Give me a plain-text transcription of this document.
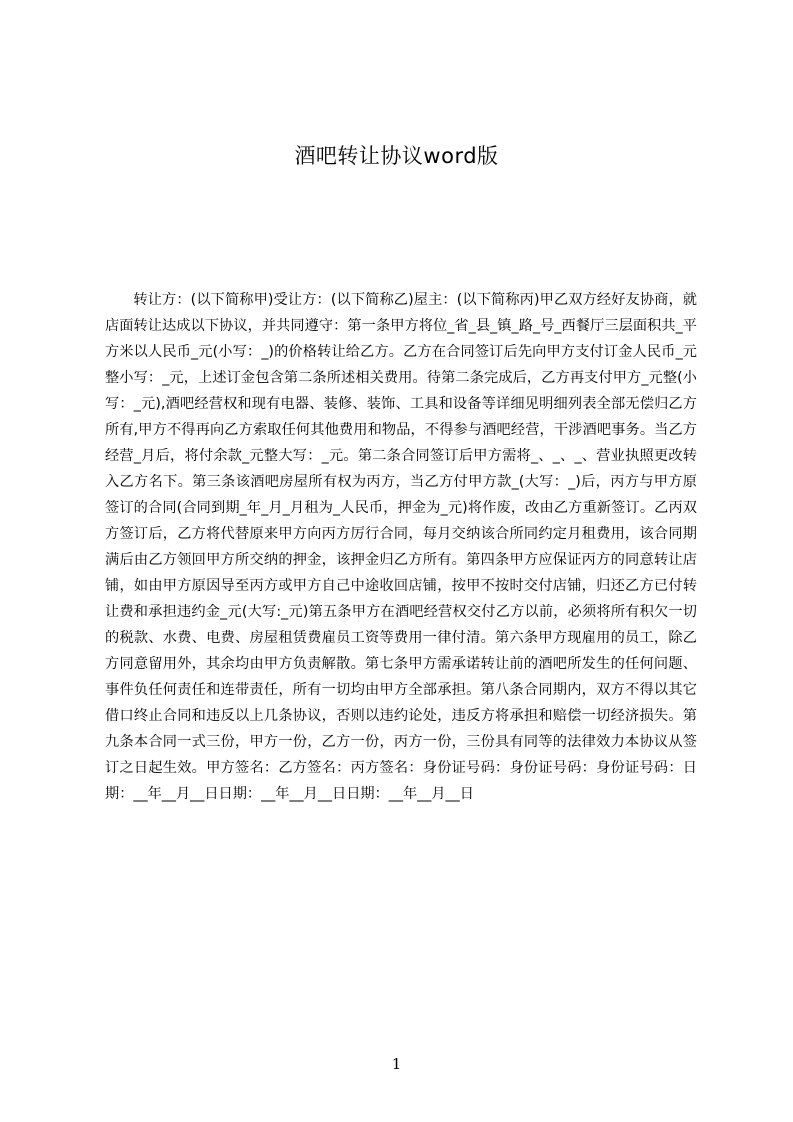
酒吧转让协议word版

转让方：(以下简称甲)受让方：(以下简称乙)屋主：(以下简称丙)甲乙双方经好友协商，就店面转让达成以下协议，并共同遵守：第一条甲方将位_省_县_镇_路_号_西餐厅三层面积共_平方米以人民币_元(小写：_)的价格转让给乙方。乙方在合同签订后先向甲方支付订金人民币_元整小写：_元，上述订金包含第二条所述相关费用。待第二条完成后，乙方再支付甲方_元整(小写：_元),酒吧经营权和现有电器、装修、装饰、工具和设备等详细见明细列表全部无偿归乙方所有,甲方不得再向乙方索取任何其他费用和物品，不得参与酒吧经营，干涉酒吧事务。当乙方经营_月后，将付余款_元整大写：_元。第二条合同签订后甲方需将_、_、_、营业执照更改转入乙方名下。第三条该酒吧房屋所有权为丙方，当乙方付甲方款_(大写：_)后，丙方与甲方原签订的合同(合同到期_年_月_月租为_人民币，押金为_元)将作废，改由乙方重新签订。乙丙双方签订后，乙方将代替原来甲方向丙方厉行合同，每月交纳该合所同约定月租费用，该合同期满后由乙方领回甲方所交纳的押金，该押金归乙方所有。第四条甲方应保证丙方的同意转让店铺，如由甲方原因导至丙方或甲方自己中途收回店铺，按甲不按时交付店铺，归还乙方已付转让费和承担违约金_元(大写:_元)第五条甲方在酒吧经营权交付乙方以前，必须将所有积欠一切的税款、水费、电费、房屋租赁费雇员工资等费用一律付清。第六条甲方现雇用的员工，除乙方同意留用外，其余均由甲方负责解散。第七条甲方需承诺转让前的酒吧所发生的任何问题、事件负任何责任和连带责任，所有一切均由甲方全部承担。第八条合同期内，双方不得以其它借口终止合同和违反以上几条协议，否则以违约论处，违反方将承担和赔偿一切经济损失。第九条本合同一式三份，甲方一份，乙方一份，丙方一份，三份具有同等的法律效力本协议从签订之日起生效。甲方签名：乙方签名：丙方签名：身份证号码：身份证号码：身份证号码：日期：__年__月__日日期：__年__月__日日期：__年__月__日

1
